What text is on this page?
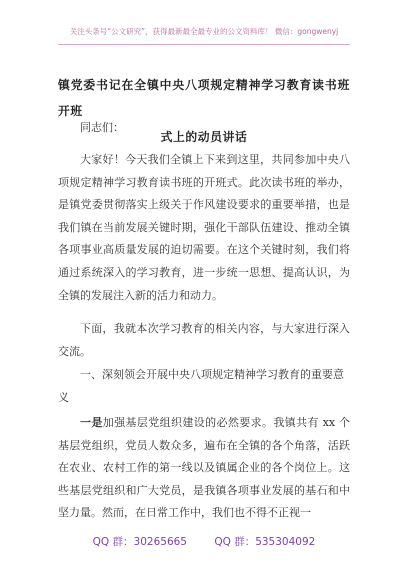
关注头条号“公文研究”，获得最新最全最专业的公文资料库！ 微信：gongwenyj
镇党委书记在全镇中央八项规定精神学习教育读书班开班
式上的动员讲话
同志们：

大家好！今天我们全镇上下来到这里，共同参加中央八项规定精神学习教育读书班的开班式。此次读书班的举办，是镇党委贯彻落实上级关于作风建设要求的重要举措，也是我们镇在当前发展关键时期，强化干部队伍建设、推动全镇各项事业高质量发展的迫切需要。在这个关键时刻，我们将通过系统深入的学习教育，进一步统一思想、提高认识，为全镇的发展注入新的活力和动力。

下面，我就本次学习教育的相关内容，与大家进行深入交流。

一、深刻领会开展中央八项规定精神学习教育的重要意义

一是加强基层党组织建设的必然要求。我镇共有 xx 个基层党组织，党员人数众多，遍布在全镇的各个角落，活跃在农业、农村工作的第一线以及镇属企业的各个岗位上。这些基层党组织和广大党员，是我镇各项事业发展的基石和中坚力量。然而，在日常工作中，我们也不得不正视一

QQ 群：30265665	QQ 群：535304092
